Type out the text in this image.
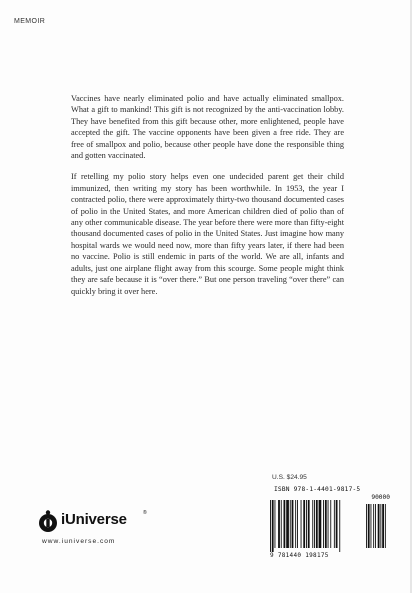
MEMOIR

Vaccines have nearly eliminated polio and have actually eliminated smallpox. What a gift to mankind! This gift is not recognized by the anti-vaccination lobby. They have benefited from this gift because other, more enlightened, people have accepted the gift. The vaccine opponents have been given a free ride. They are free of smallpox and polio, because other people have done the responsible thing and gotten vaccinated.

If retelling my polio story helps even one undecided parent get their child immunized, then writing my story has been worthwhile. In 1953, the year I contracted polio, there were approximately thirty-two thousand documented cases of polio in the United States, and more American children died of polio than of any other communicable disease. The year before there were more than fifty-eight thousand documented cases of polio in the United States. Just imagine how many hospital wards we would need now, more than fifty years later, if there had been no vaccine. Polio is still endemic in parts of the world. We are all, infants and adults, just one airplane flight away from this scourge. Some people might think they are safe because it is “over there.” But one person traveling “over there” can quickly bring it over here.

U.S. $24.95
ISBN 978-1-4401-9817-5
90000
9 781440 198175
iUniverse	®
www.iuniverse.com
